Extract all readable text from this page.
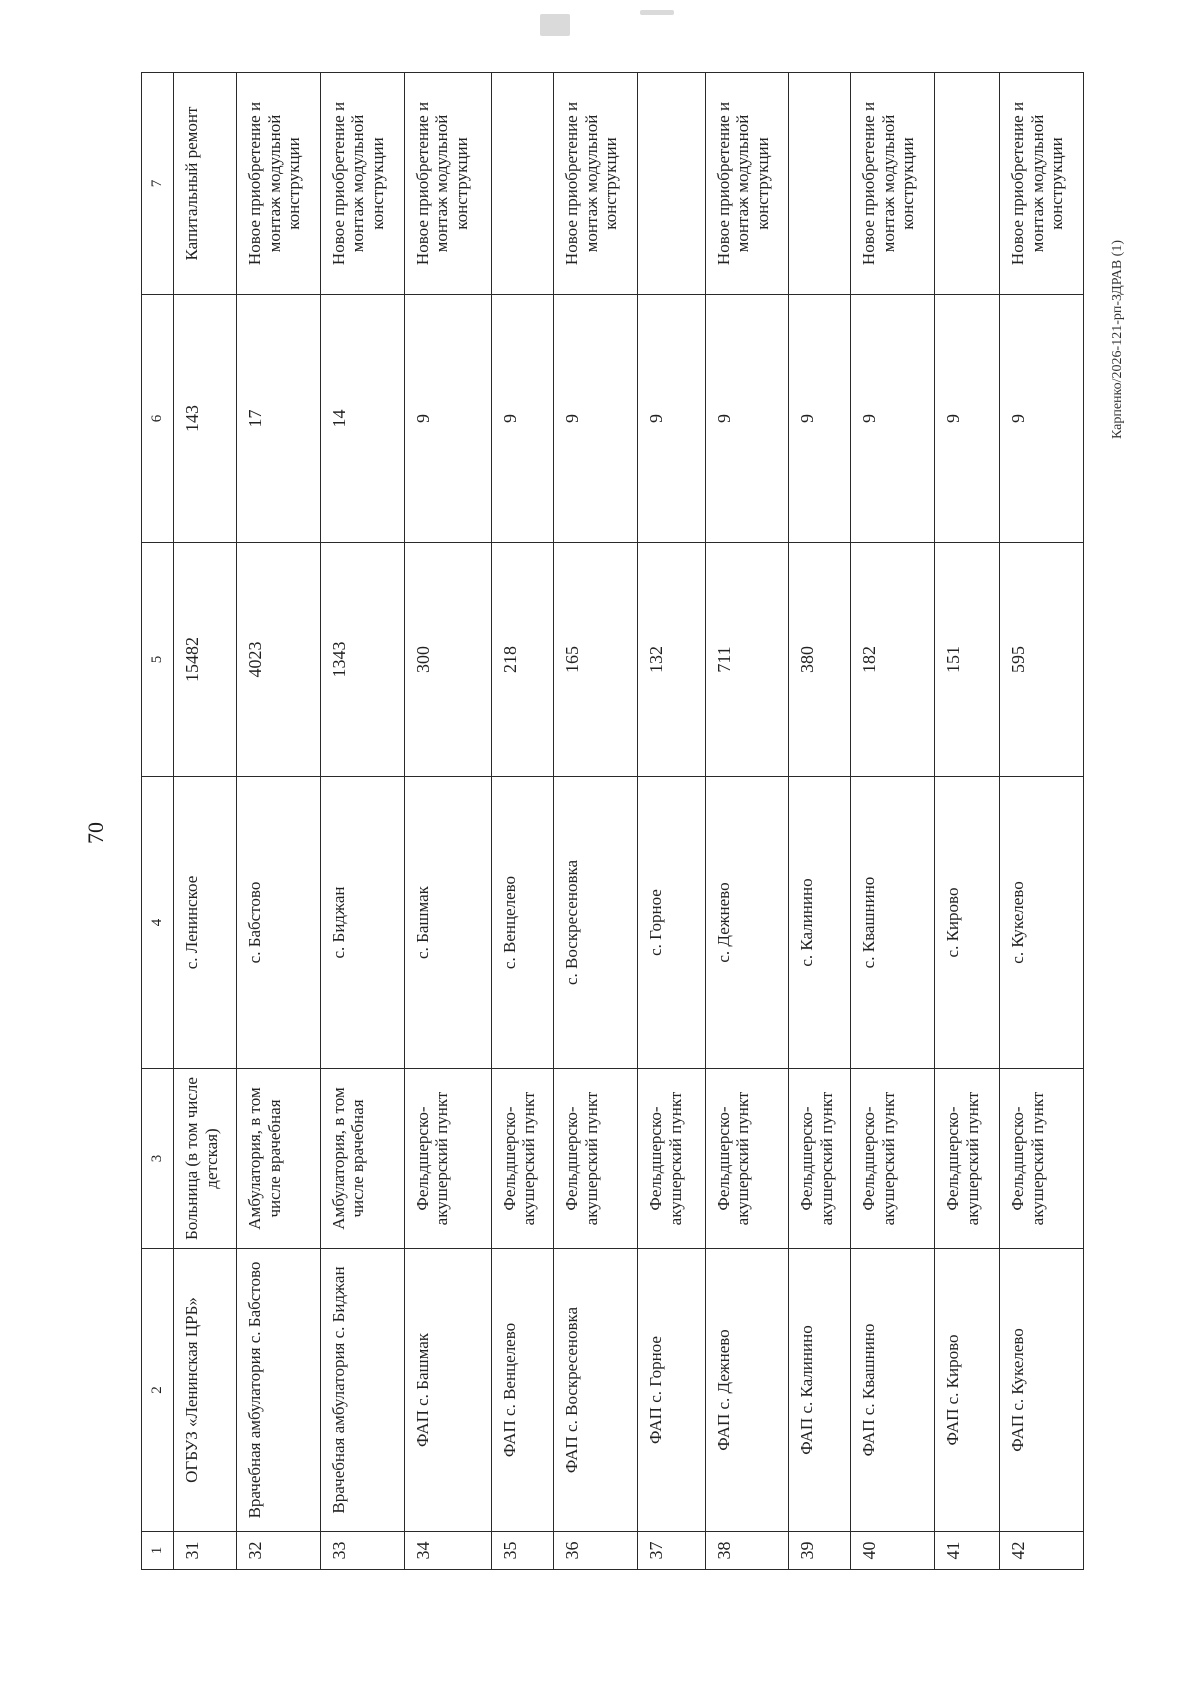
70
Карпенко/2026-121-рп-ЗДРАВ (1)
1	2	3	4	5	6	7
31	ОГБУЗ «Ленинская ЦРБ»	Больница (в том числе детская)	с. Ленинское	15482	143	Капитальный ремонт
32	Врачебная амбулатория с. Бабстово	Амбулатория, в том числе врачебная	с. Бабстово	4023	17	Новое приобретение и монтаж модульной конструкции
33	Врачебная амбулатория с. Биджан	Амбулатория, в том числе врачебная	с. Биджан	1343	14	Новое приобретение и монтаж модульной конструкции
34	ФАП с. Башмак	Фельдшерско-акушерский пункт	с. Башмак	300	9	Новое приобретение и монтаж модульной конструкции
35	ФАП с. Венцелево	Фельдшерско-акушерский пункт	с. Венцелево	218	9	
36	ФАП с. Воскресеновка	Фельдшерско-акушерский пункт	с. Воскресеновка	165	9	Новое приобретение и монтаж модульной конструкции
37	ФАП с. Горное	Фельдшерско-акушерский пункт	с. Горное	132	9	
38	ФАП с. Дежнево	Фельдшерско-акушерский пункт	с. Дежнево	711	9	Новое приобретение и монтаж модульной конструкции
39	ФАП с. Калинино	Фельдшерско-акушерский пункт	с. Калинино	380	9	
40	ФАП с. Квашнино	Фельдшерско-акушерский пункт	с. Квашнино	182	9	Новое приобретение и монтаж модульной конструкции
41	ФАП с. Кирово	Фельдшерско-акушерский пункт	с. Кирово	151	9	
42	ФАП с. Кукелево	Фельдшерско-акушерский пункт	с. Кукелево	595	9	Новое приобретение и монтаж модульной конструкции
